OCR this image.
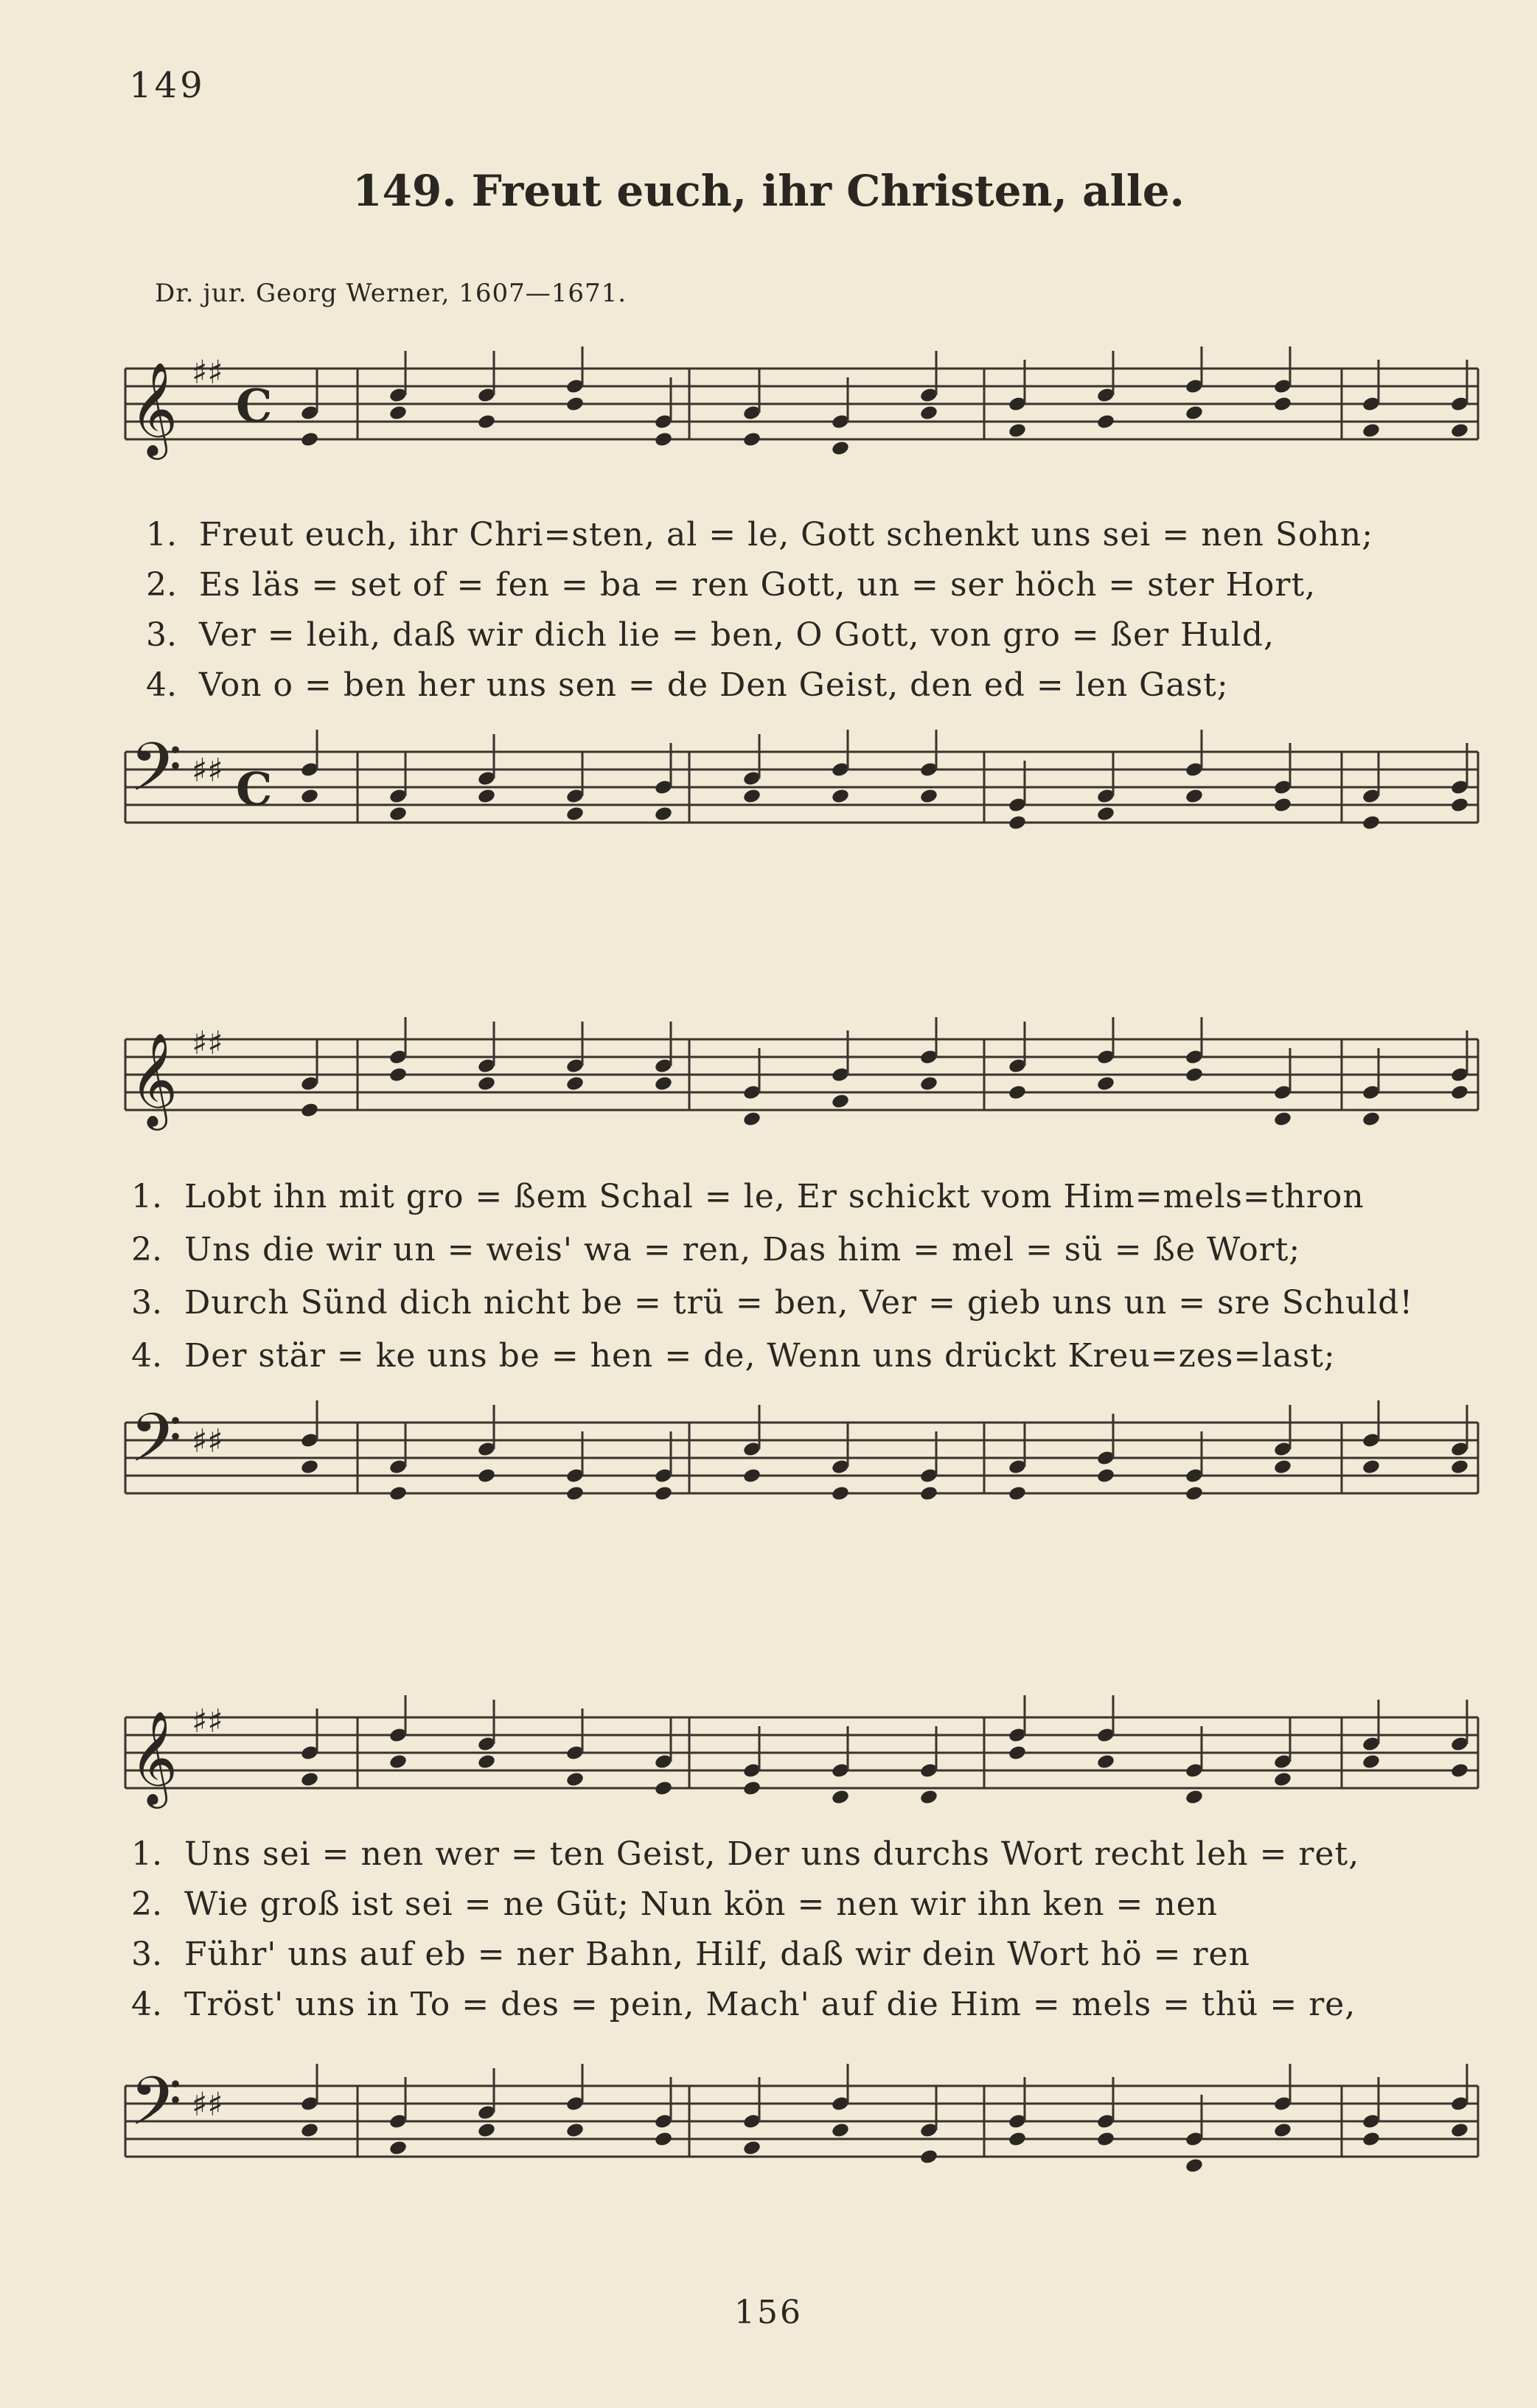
149
149. Freut euch, ihr Christen, alle.
Dr. jur. Georg Werner, 1607—1671.
𝄞 ♯♯
C
1. Freut euch, ihr Chri=sten, al = le, Gott schenkt uns sei = nen Sohn;
2. Es läs = set of = fen = ba = ren Gott, un = ser höch = ster Hort,
3. Ver = leih, daß wir dich lie = ben, O Gott, von gro = ßer Huld,
4. Von o = ben her uns sen = de Den Geist, den ed = len Gast;
𝄢 ♯♯ C
𝄞 ♯♯
1. Lobt ihn mit gro = ßem Schal = le, Er schickt vom Him=mels=thron
2. Uns die wir un = weis' wa = ren, Das him = mel = sü = ße Wort;
3. Durch Sünd dich nicht be = trü = ben, Ver = gieb uns un = sre Schuld!
4. Der stär = ke uns be = hen = de, Wenn uns drückt Kreu=zes=last;
𝄢 ♯♯
𝄞 ♯♯
1. Uns sei = nen wer = ten Geist, Der uns durchs Wort recht leh = ret,
2. Wie groß ist sei = ne Güt; Nun kön = nen wir ihn ken = nen
3. Führ' uns auf eb = ner Bahn, Hilf, daß wir dein Wort hö = ren
4. Tröst' uns in To = des = pein, Mach' auf die Him = mels = thü = re,
𝄢 ♯♯
156
